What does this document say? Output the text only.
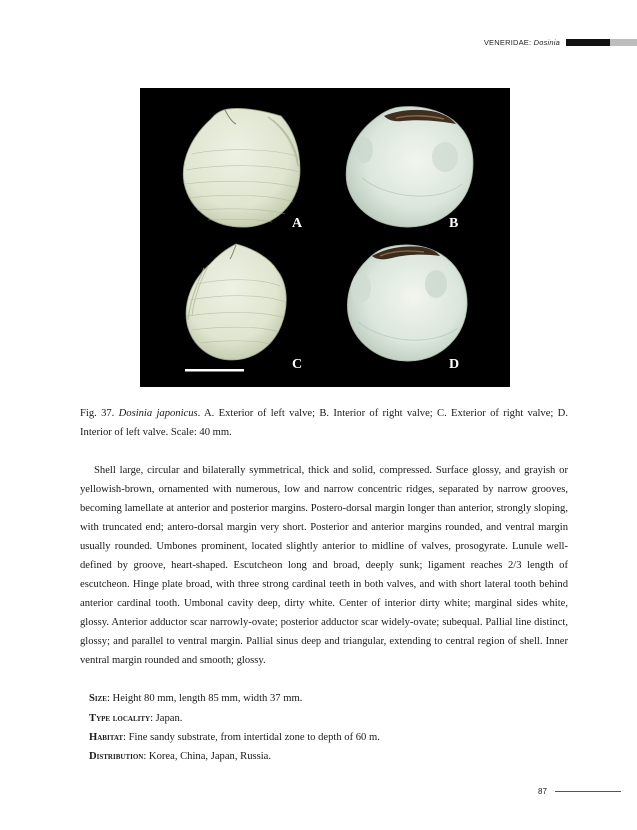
VENERIDAE: Dosinia
A	B
C	D
Fig. 37. Dosinia japonicus. A. Exterior of left valve; B. Interior of right valve; C. Exterior of right valve; D. Interior of left valve. Scale: 40 mm.

Shell large, circular and bilaterally symmetrical, thick and solid, compressed. Surface glossy, and grayish or yellowish-brown, ornamented with numerous, low and narrow concentric ridges, separated by narrow grooves, becoming lamellate at anterior and posterior margins. Postero-dorsal margin longer than anterior, strongly sloping, with truncated end; antero-dorsal margin very short. Posterior and anterior margins rounded, and ventral margin usually rounded. Umbones prominent, located slightly anterior to midline of valves, prosogyrate. Lunule well-defined by groove, heart-shaped. Escutcheon long and broad, deeply sunk; ligament reaches 2/3 length of escutcheon. Hinge plate broad, with three strong cardinal teeth in both valves, and with short lateral tooth behind anterior cardinal tooth. Umbonal cavity deep, dirty white. Center of interior dirty white; marginal sides white, glossy. Anterior adductor scar narrowly-ovate; posterior adductor scar widely-ovate; subequal. Pallial line distinct, glossy; and parallel to ventral margin. Pallial sinus deep and triangular, extending to central region of shell. Inner ventral margin rounded and smooth; glossy.

Size: Height 80 mm, length 85 mm, width 37 mm.
Type locality: Japan.
Habitat: Fine sandy substrate, from intertidal zone to depth of 60 m.
Distribution: Korea, China, Japan, Russia.
87
